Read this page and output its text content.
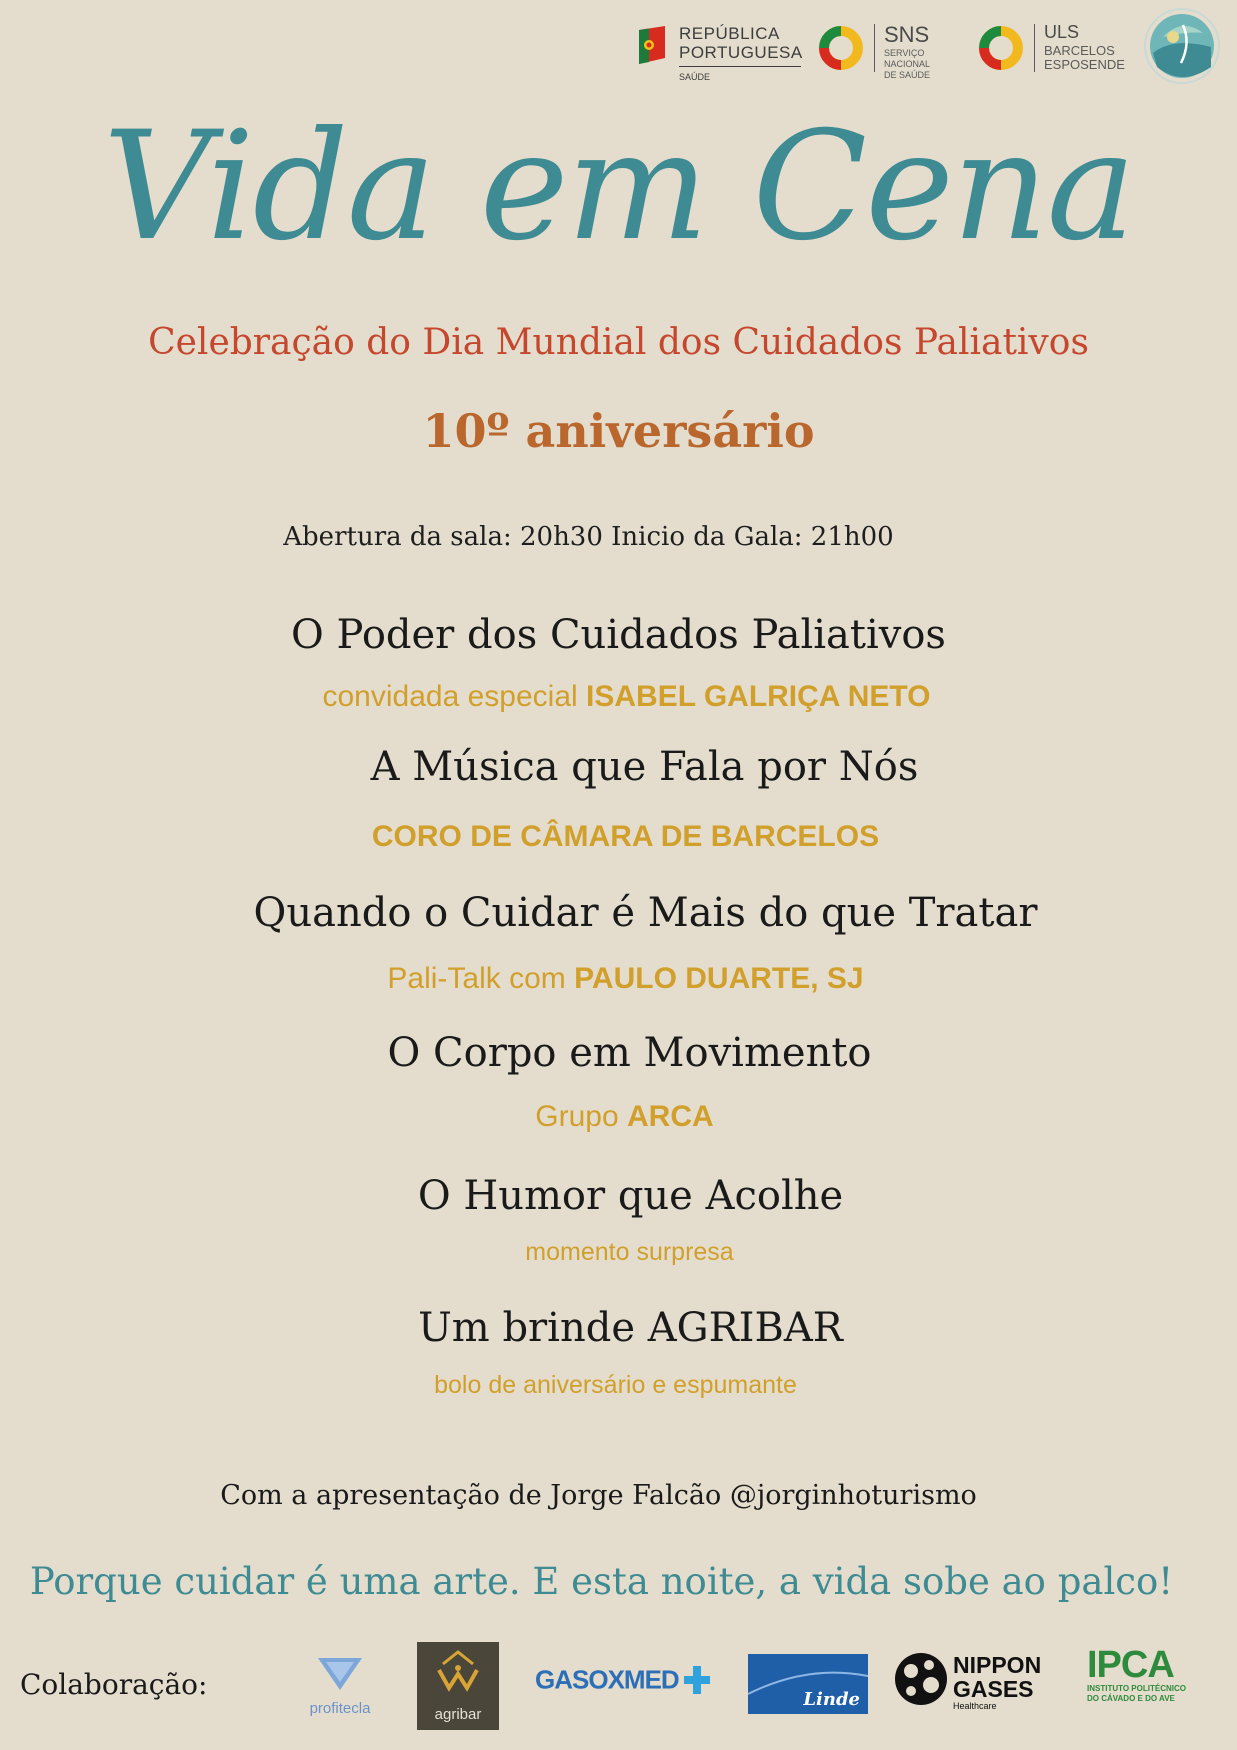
REPÚBLICA
PORTUGUESA
SAÚDE
SNS
SERVIÇO NACIONAL
DE SAÚDE
ULS
BARCELOS
ESPOSENDE
Vida em Cena
Celebração do Dia Mundial dos Cuidados Paliativos
10º aniversário
Abertura da sala: 20h30 Inicio da Gala: 21h00
O Poder dos Cuidados Paliativos
convidada especial ISABEL GALRIÇA NETO
A Música que Fala por Nós
CORO DE CÂMARA DE BARCELOS
Quando o Cuidar é Mais do que Tratar
Pali-Talk com PAULO DUARTE, SJ
O Corpo em Movimento
Grupo ARCA
O Humor que Acolhe
momento surpresa
Um brinde AGRIBAR
bolo de aniversário e espumante
Com a apresentação de Jorge Falcão @jorginhoturismo
Porque cuidar é uma arte. E esta noite, a vida sobe ao palco!
Colaboração:
profitecla	agribar
GASOXMED
Linde
NIPPON
GASES
Healthcare
IPCA
INSTITUTO POLITÉCNICO
DO CÁVADO E DO AVE
